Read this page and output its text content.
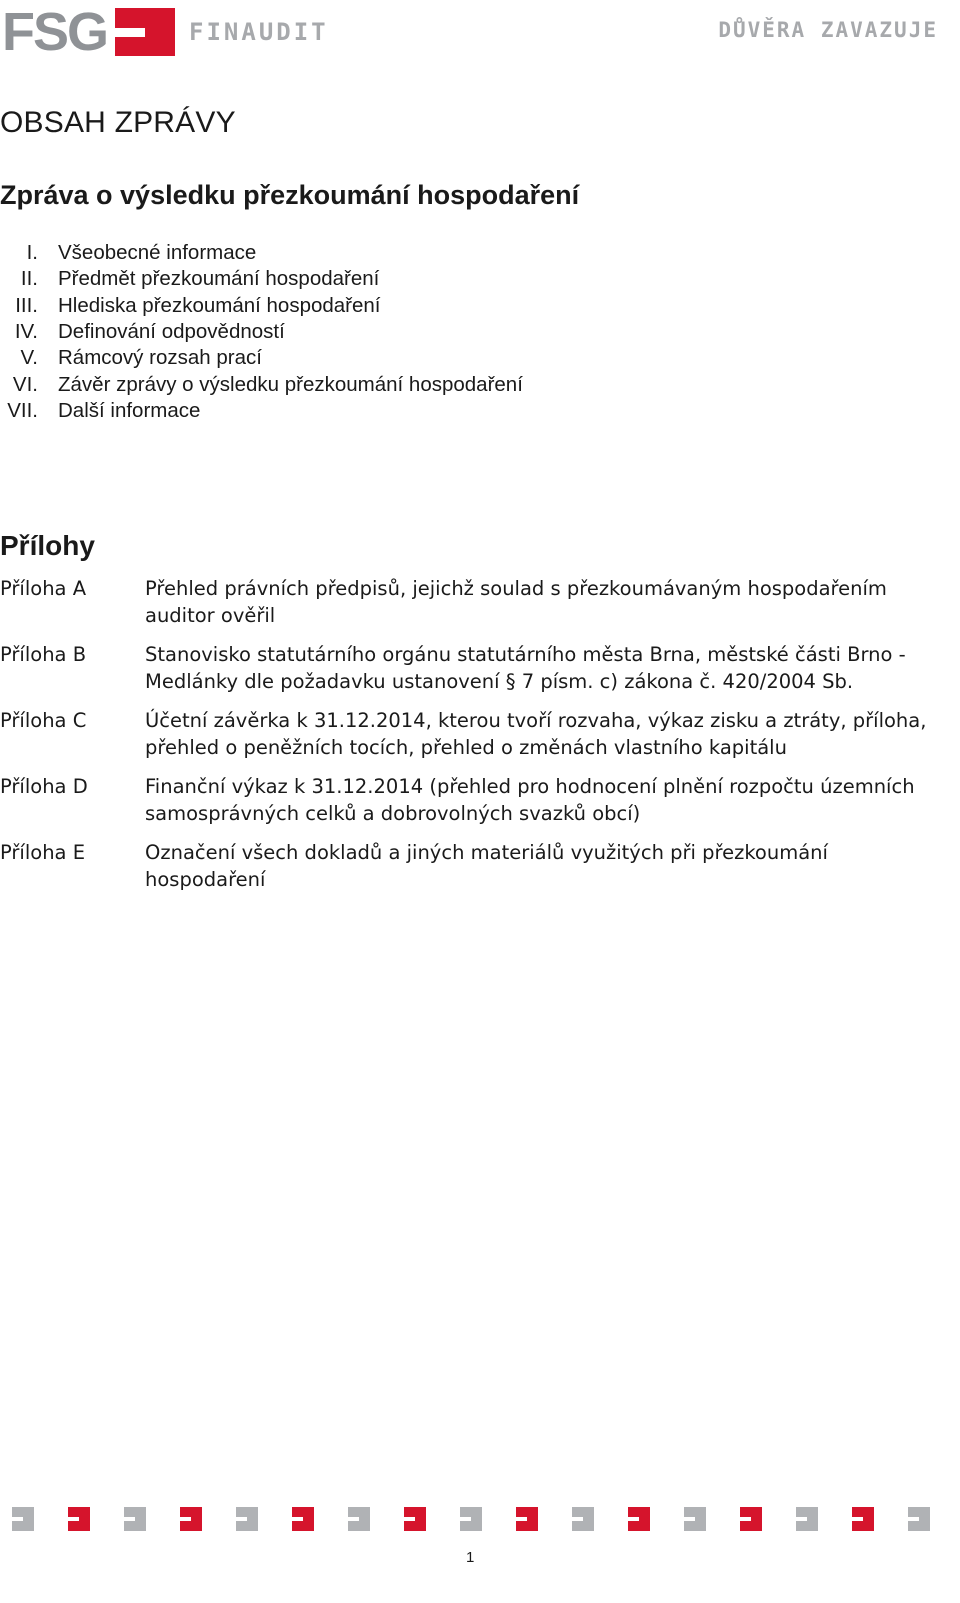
FSG	FINAUDIT	DŮVĚRA ZAVAZUJE
OBSAH ZPRÁVY
Zpráva o výsledku přezkoumání hospodaření
I. Všeobecné informace
II. Předmět přezkoumání hospodaření
III. Hlediska přezkoumání hospodaření
IV. Definování odpovědností
V. Rámcový rozsah prací
VI. Závěr zprávy o výsledku přezkoumání hospodaření
VII. Další informace
Přílohy
Příloha A	Přehled právních předpisů, jejichž soulad s přezkoumávaným hospodařením auditor ověřil
Příloha B	Stanovisko statutárního orgánu statutárního města Brna, městské části Brno - Medlánky dle požadavku ustanovení § 7 písm. c) zákona č. 420/2004 Sb.
Příloha C	Účetní závěrka k 31.12.2014, kterou tvoří rozvaha, výkaz zisku a ztráty, příloha, přehled o peněžních tocích, přehled o změnách vlastního kapitálu
Příloha D	Finanční výkaz k 31.12.2014 (přehled pro hodnocení plnění rozpočtu územních samosprávných celků a dobrovolných svazků obcí)
Příloha E	Označení všech dokladů a jiných materiálů využitých při přezkoumání hospodaření
1
